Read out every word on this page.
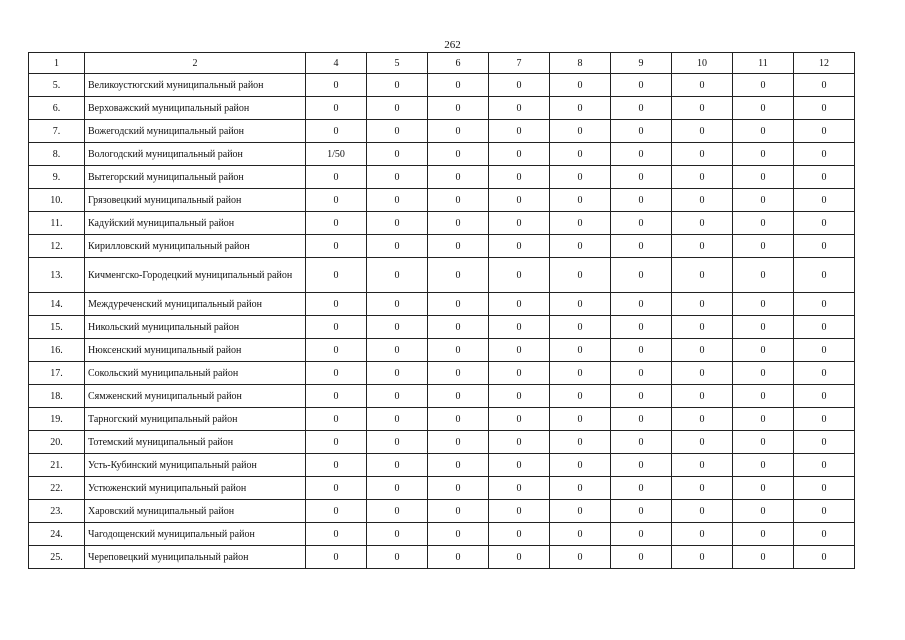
262
1	2	4	5	6	7	8	9	10	11	12
5.	Великоустюгский муниципальный район	0	0	0	0	0	0	0	0	0
6.	Верховажский муниципальный район	0	0	0	0	0	0	0	0	0
7.	Вожегодский муниципальный район	0	0	0	0	0	0	0	0	0
8.	Вологодский муниципальный район	1/50	0	0	0	0	0	0	0	0
9.	Вытегорский муниципальный район	0	0	0	0	0	0	0	0	0
10.	Грязовецкий муниципальный район	0	0	0	0	0	0	0	0	0
11.	Кадуйский муниципальный район	0	0	0	0	0	0	0	0	0
12.	Кирилловский муниципальный район	0	0	0	0	0	0	0	0	0
13.	Кичменгско-Городецкий муниципальный район	0	0	0	0	0	0	0	0	0
14.	Междуреченский муниципальный район	0	0	0	0	0	0	0	0	0
15.	Никольский муниципальный район	0	0	0	0	0	0	0	0	0
16.	Нюксенский муниципальный район	0	0	0	0	0	0	0	0	0
17.	Сокольский муниципальный район	0	0	0	0	0	0	0	0	0
18.	Сямженский муниципальный район	0	0	0	0	0	0	0	0	0
19.	Тарногский муниципальный район	0	0	0	0	0	0	0	0	0
20.	Тотемский муниципальный район	0	0	0	0	0	0	0	0	0
21.	Усть-Кубинский муниципальный район	0	0	0	0	0	0	0	0	0
22.	Устюженский муниципальный район	0	0	0	0	0	0	0	0	0
23.	Харовский муниципальный район	0	0	0	0	0	0	0	0	0
24.	Чагодощенский муниципальный район	0	0	0	0	0	0	0	0	0
25.	Череповецкий муниципальный район	0	0	0	0	0	0	0	0	0
